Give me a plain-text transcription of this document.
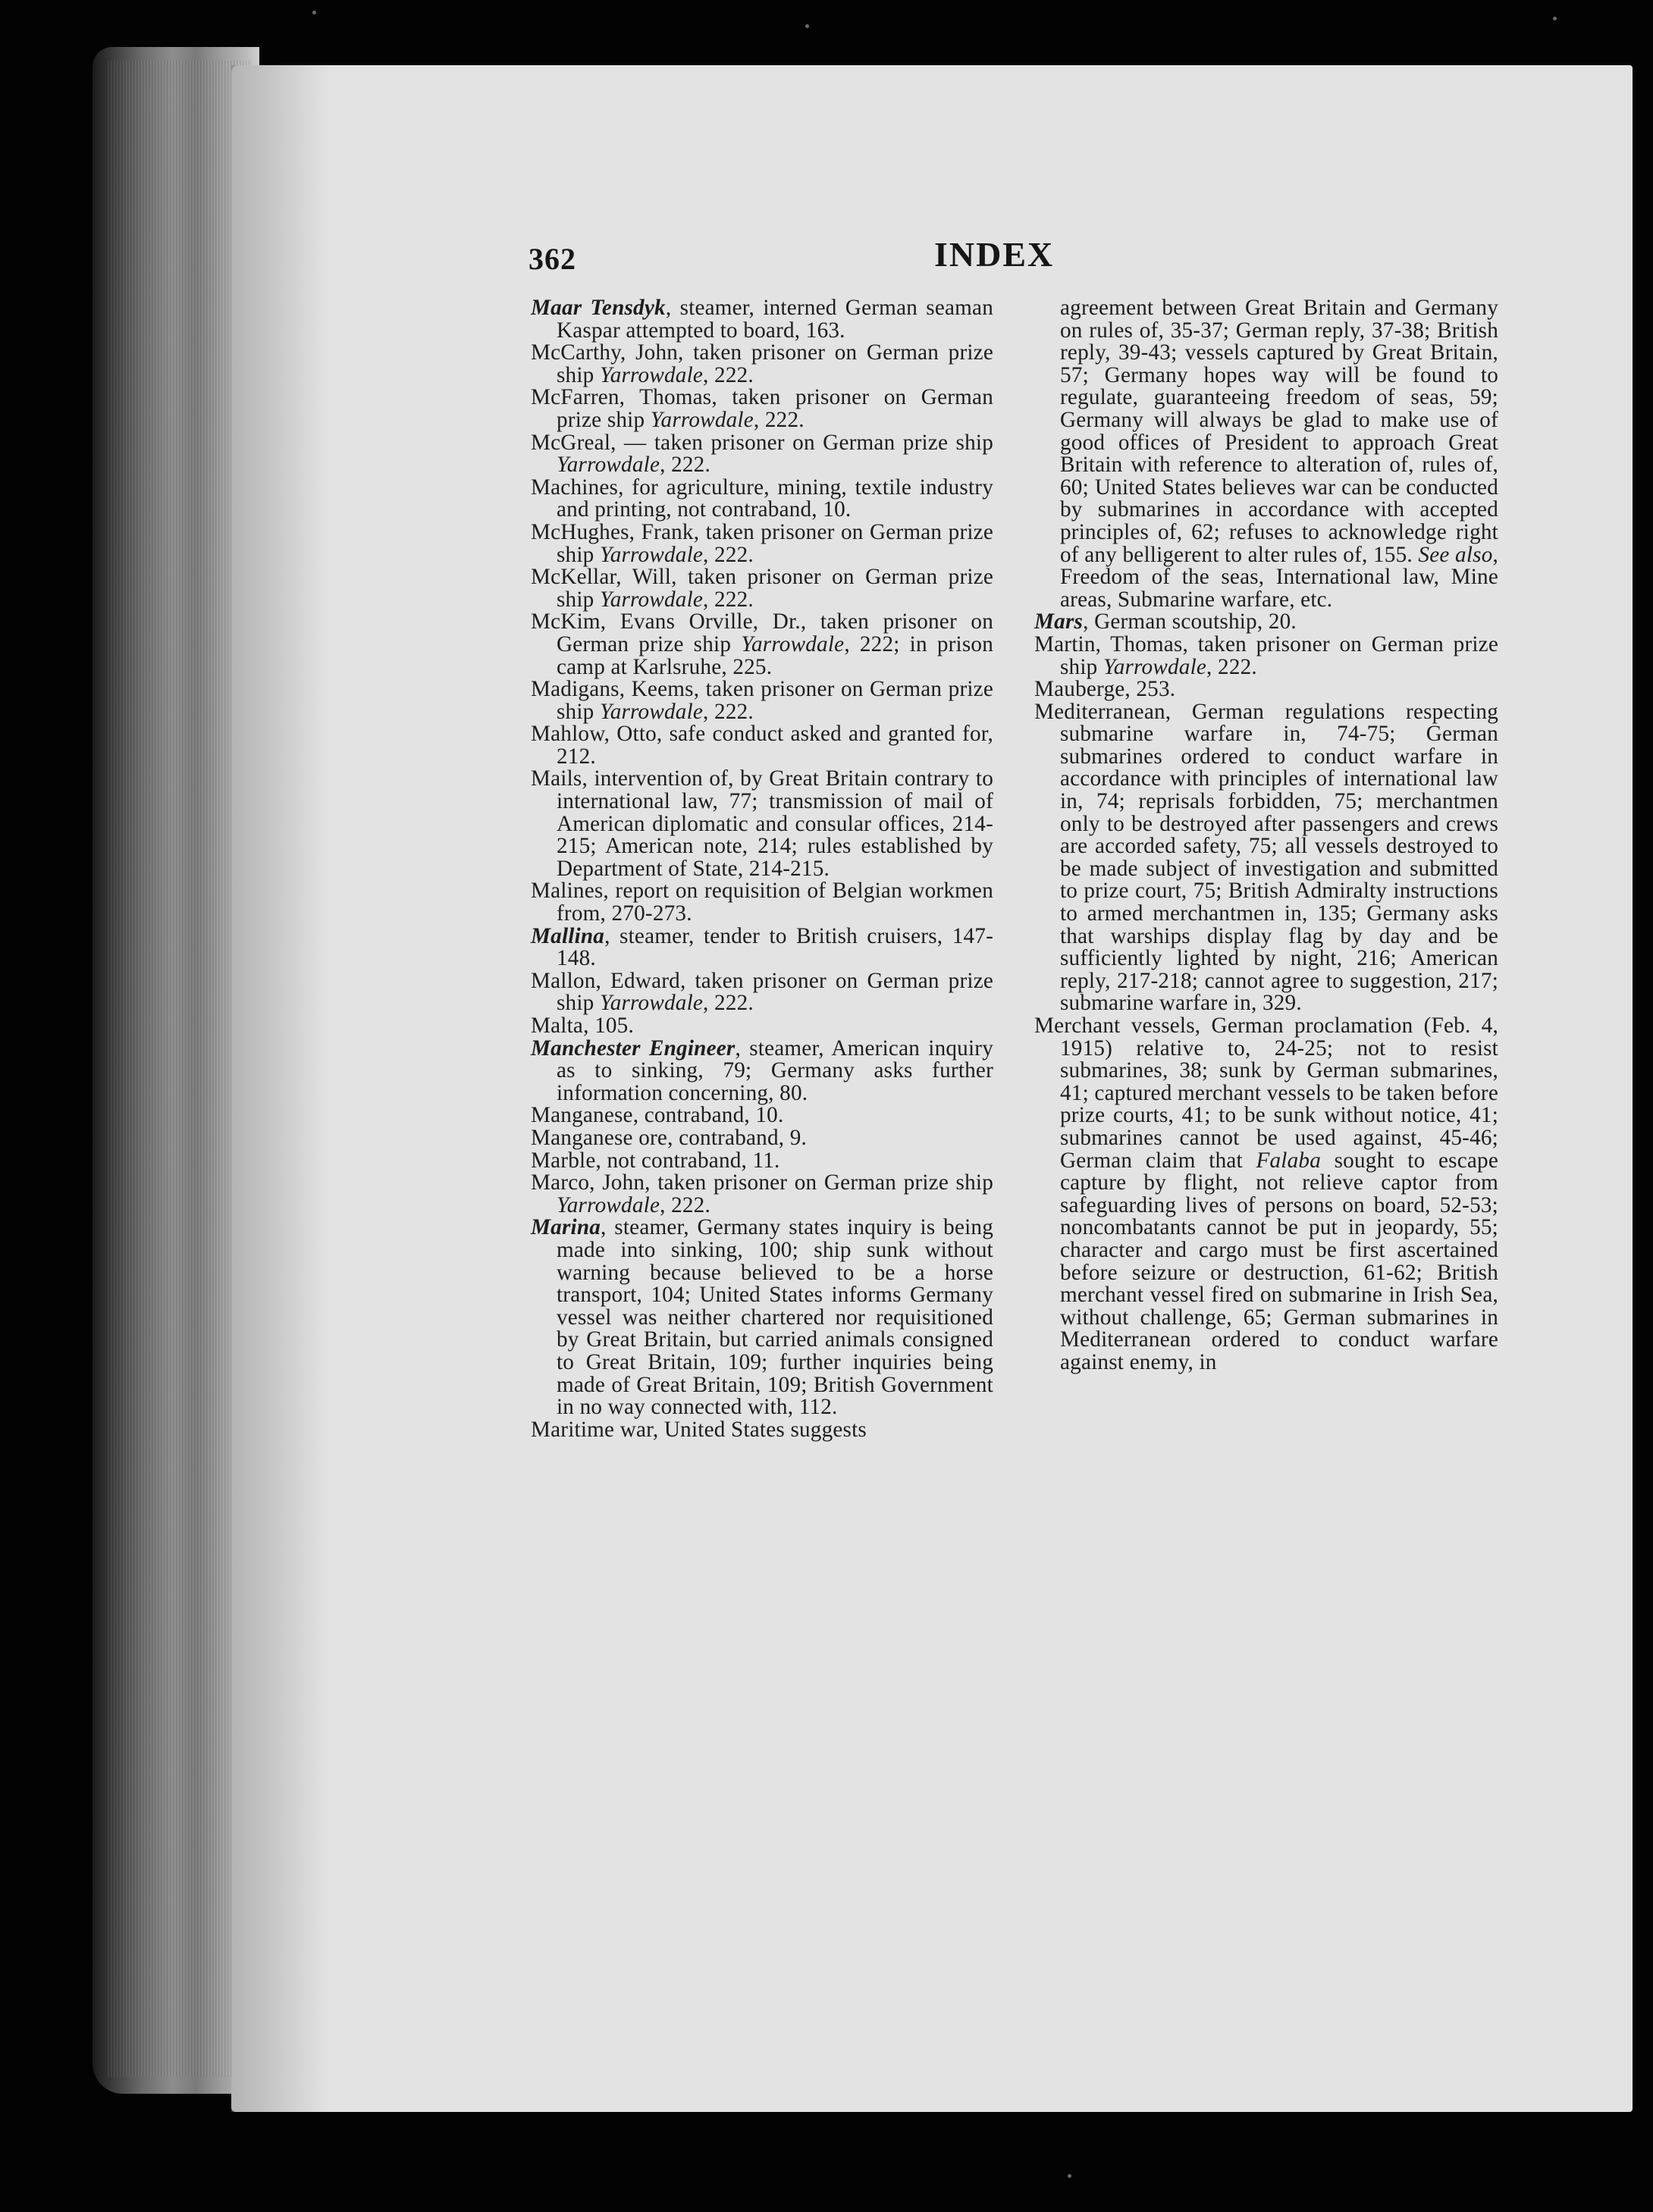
362	INDEX

Maar Tensdyk, steamer, interned German seaman Kaspar attempted to board, 163.

McCarthy, John, taken prisoner on German prize ship Yarrowdale, 222.

McFarren, Thomas, taken prisoner on German prize ship Yarrowdale, 222.

McGreal, — taken prisoner on German prize ship Yarrowdale, 222.

Machines, for agriculture, mining, textile industry and printing, not contraband, 10.

McHughes, Frank, taken prisoner on German prize ship Yarrowdale, 222.

McKellar, Will, taken prisoner on German prize ship Yarrowdale, 222.

McKim, Evans Orville, Dr., taken prisoner on German prize ship Yarrowdale, 222; in prison camp at Karlsruhe, 225.

Madigans, Keems, taken prisoner on German prize ship Yarrowdale, 222.

Mahlow, Otto, safe conduct asked and granted for, 212.

Mails, intervention of, by Great Britain contrary to international law, 77; transmission of mail of American diplomatic and consular offices, 214-215; American note, 214; rules established by Department of State, 214-215.

Malines, report on requisition of Belgian workmen from, 270-273.

Mallina, steamer, tender to British cruisers, 147-148.

Mallon, Edward, taken prisoner on German prize ship Yarrowdale, 222.

Malta, 105.

Manchester Engineer, steamer, American inquiry as to sinking, 79; Germany asks further information concerning, 80.

Manganese, contraband, 10.

Manganese ore, contraband, 9.

Marble, not contraband, 11.

Marco, John, taken prisoner on German prize ship Yarrowdale, 222.

Marina, steamer, Germany states inquiry is being made into sinking, 100; ship sunk without warning because believed to be a horse transport, 104; United States informs Germany vessel was neither chartered nor requisitioned by Great Britain, but carried animals consigned to Great Britain, 109; further inquiries being made of Great Britain, 109; British Government in no way connected with, 112.

Maritime war, United States suggests

agreement between Great Britain and Germany on rules of, 35-37; German reply, 37-38; British reply, 39-43; vessels captured by Great Britain, 57; Germany hopes way will be found to regulate, guaranteeing freedom of seas, 59; Germany will always be glad to make use of good offices of President to approach Great Britain with reference to alteration of, rules of, 60; United States believes war can be conducted by submarines in accordance with accepted principles of, 62; refuses to acknowledge right of any belligerent to alter rules of, 155. See also, Freedom of the seas, International law, Mine areas, Submarine warfare, etc.

Mars, German scoutship, 20.

Martin, Thomas, taken prisoner on German prize ship Yarrowdale, 222.

Mauberge, 253.

Mediterranean, German regulations respecting submarine warfare in, 74-75; German submarines ordered to conduct warfare in accordance with principles of international law in, 74; reprisals forbidden, 75; merchantmen only to be destroyed after passengers and crews are accorded safety, 75; all vessels destroyed to be made subject of investigation and submitted to prize court, 75; British Admiralty instructions to armed merchantmen in, 135; Germany asks that warships display flag by day and be sufficiently lighted by night, 216; American reply, 217-218; cannot agree to suggestion, 217; submarine warfare in, 329.

Merchant vessels, German proclamation (Feb. 4, 1915) relative to, 24-25; not to resist submarines, 38; sunk by German submarines, 41; captured merchant vessels to be taken before prize courts, 41; to be sunk without notice, 41; submarines cannot be used against, 45-46; German claim that Falaba sought to escape capture by flight, not relieve captor from safeguarding lives of persons on board, 52-53; noncombatants cannot be put in jeopardy, 55; character and cargo must be first ascertained before seizure or destruction, 61-62; British merchant vessel fired on submarine in Irish Sea, without challenge, 65; German submarines in Mediterranean ordered to conduct warfare against enemy, in
